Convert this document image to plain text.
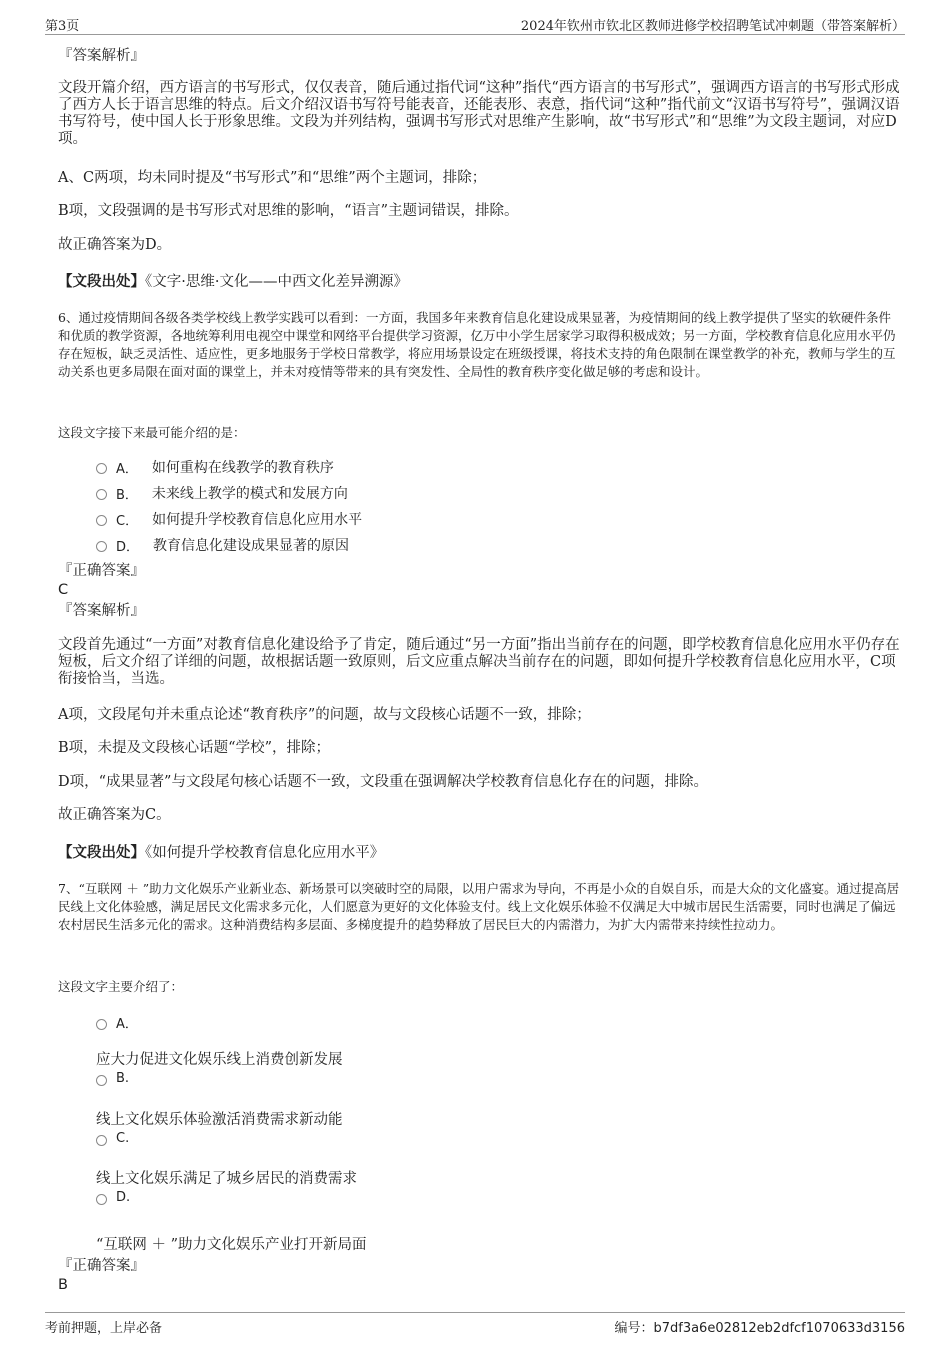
第3页	2024年钦州市钦北区教师进修学校招聘笔试冲刺题（带答案解析）
『答案解析』

文段开篇介绍，西方语言的书写形式，仅仅表音，随后通过指代词“这种”指代“西方语言的书写形式”，强调西方语言的书写形式形成了西方人长于语言思维的特点。后文介绍汉语书写符号能表音，还能表形、表意，指代词“这种”指代前文“汉语书写符号”，强调汉语书写符号，使中国人长于形象思维。文段为并列结构，强调书写形式对思维产生影响，故“书写形式”和“思维”为文段主题词，对应D项。

A、C两项，均未同时提及“书写形式”和“思维”两个主题词，排除；
B项，文段强调的是书写形式对思维的影响，“语言”主题词错误，排除。
故正确答案为D。
【文段出处】《文字·思维·文化——中西文化差异溯源》

6、通过疫情期间各级各类学校线上教学实践可以看到：一方面，我国多年来教育信息化建设成果显著，为疫情期间的线上教学提供了坚实的软硬件条件和优质的教学资源，各地统筹利用电视空中课堂和网络平台提供学习资源，亿万中小学生居家学习取得积极成效；另一方面，学校教育信息化应用水平仍存在短板，缺乏灵活性、适应性，更多地服务于学校日常教学，将应用场景设定在班级授课，将技术支持的角色限制在课堂教学的补充，教师与学生的互动关系也更多局限在面对面的课堂上，并未对疫情等带来的具有突发性、全局性的教育秩序变化做足够的考虑和设计。

这段文字接下来最可能介绍的是：
A． 如何重构在线教学的教育秩序
B． 未来线上教学的模式和发展方向
C． 如何提升学校教育信息化应用水平
D． 教育信息化建设成果显著的原因
『正确答案』
C
『答案解析』

文段首先通过“一方面”对教育信息化建设给予了肯定，随后通过“另一方面”指出当前存在的问题，即学校教育信息化应用水平仍存在短板，后文介绍了详细的问题，故根据话题一致原则，后文应重点解决当前存在的问题，即如何提升学校教育信息化应用水平，C项衔接恰当，当选。

A项，文段尾句并未重点论述“教育秩序”的问题，故与文段核心话题不一致，排除；
B项，未提及文段核心话题“学校”，排除；
D项，“成果显著”与文段尾句核心话题不一致，文段重在强调解决学校教育信息化存在的问题，排除。
故正确答案为C。
【文段出处】《如何提升学校教育信息化应用水平》

7、“互联网 ＋ ”助力文化娱乐产业新业态、新场景可以突破时空的局限，以用户需求为导向，不再是小众的自娱自乐，而是大众的文化盛宴。通过提高居民线上文化体验感，满足居民文化需求多元化，人们愿意为更好的文化体验支付。线上文化娱乐体验不仅满足大中城市居民生活需要，同时也满足了偏远农村居民生活多元化的需求。这种消费结构多层面、多梯度提升的趋势释放了居民巨大的内需潜力，为扩大内需带来持续性拉动力。

这段文字主要介绍了：
A．
应大力促进文化娱乐线上消费创新发展
B.
线上文化娱乐体验激活消费需求新动能
C.
线上文化娱乐满足了城乡居民的消费需求
D.
“互联网 ＋ ”助力文化娱乐产业打开新局面
『正确答案』
B
考前押题，上岸必备	编号：b7df3a6e02812eb2dfcf1070633d3156
